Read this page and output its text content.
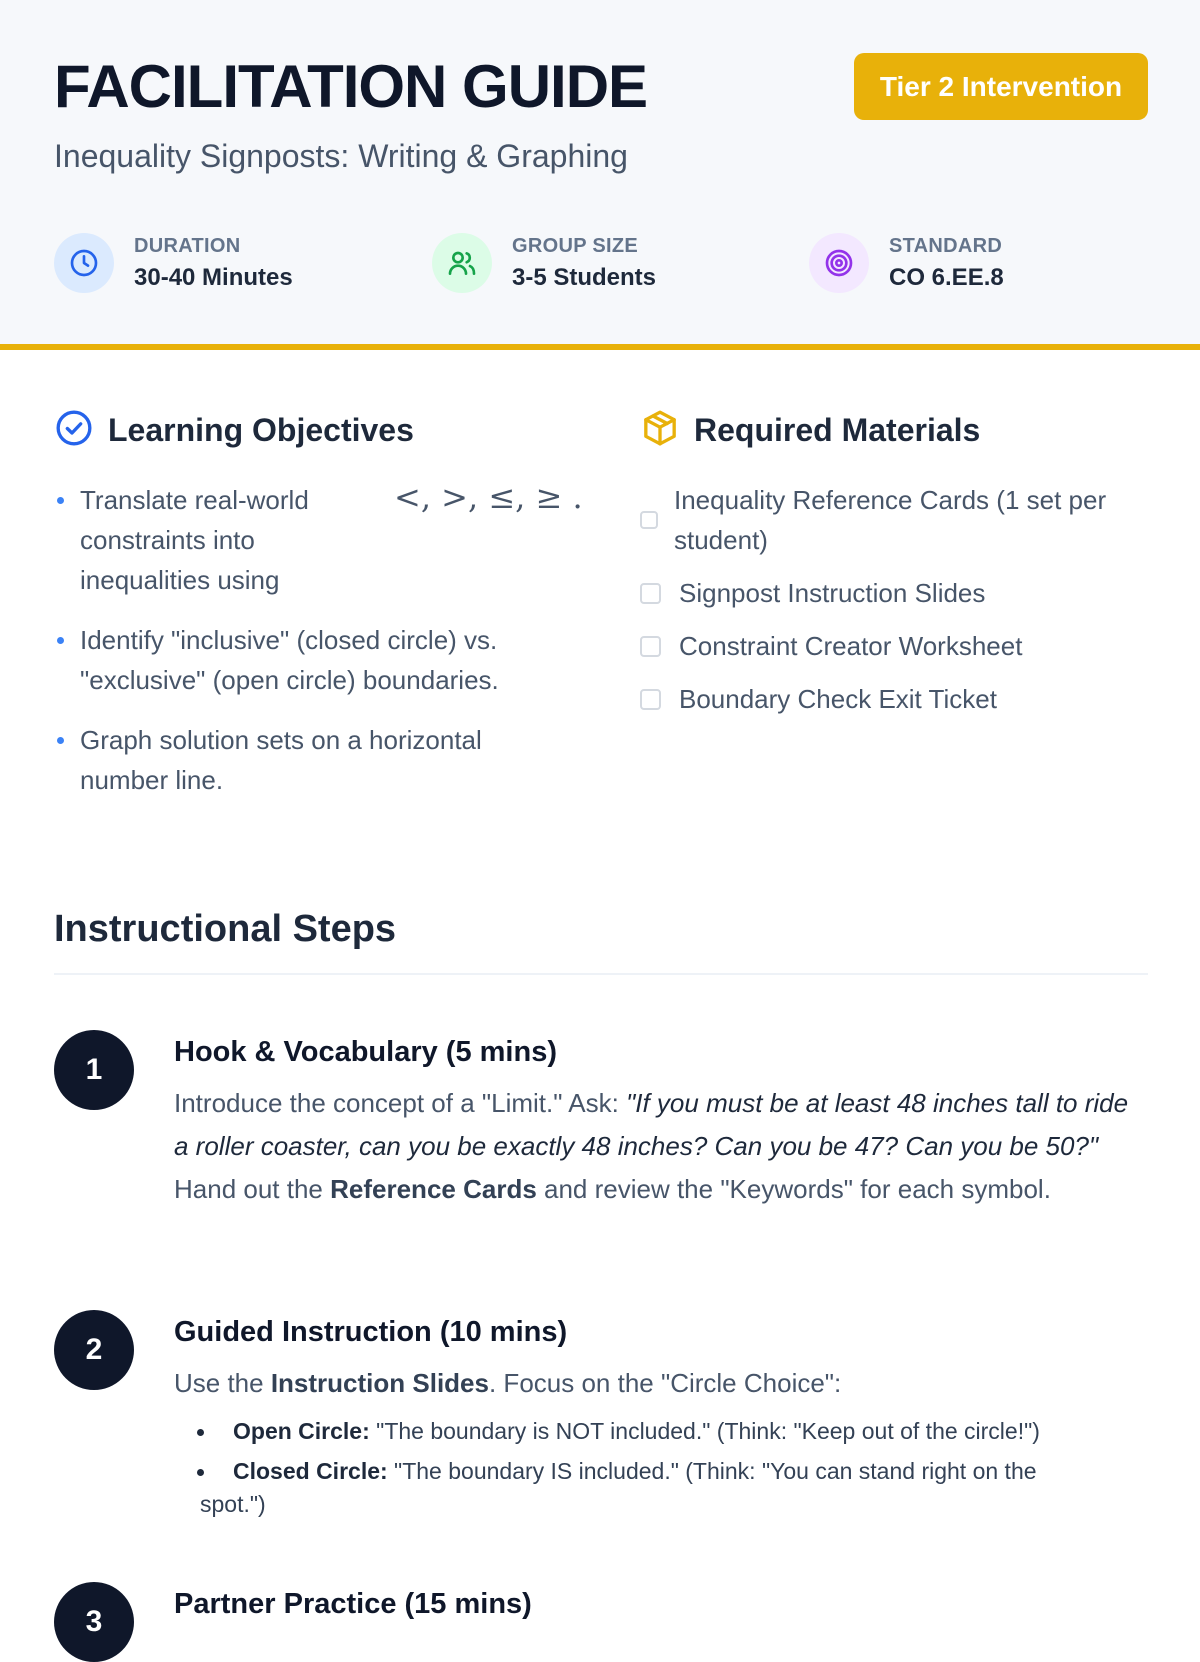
FACILITATION GUIDE
Inequality Signposts: Writing & Graphing
Tier 2 Intervention
DURATION
30-40 Minutes
GROUP SIZE
3-5 Students
STANDARD
CO 6.EE.8
Learning Objectives
Translate real-world constraints into inequalities using
Identify "inclusive" (closed circle) vs. "exclusive" (open circle) boundaries.
Graph solution sets on a horizontal number line.
<, >, ≤, ≥ .
Required Materials
Inequality Reference Cards (1 set per student)
Signpost Instruction Slides
Constraint Creator Worksheet
Boundary Check Exit Ticket
Instructional Steps
1
Hook & Vocabulary (5 mins)

Introduce the concept of a "Limit." Ask: "If you must be at least 48 inches tall to ride a roller coaster, can you be exactly 48 inches? Can you be 47? Can you be 50?" Hand out the Reference Cards and review the "Keywords" for each symbol.

2
Guided Instruction (10 mins)

Use the Instruction Slides. Focus on the "Circle Choice":

Open Circle: "The boundary is NOT included." (Think: "Keep out of the circle!")
Closed Circle: "The boundary IS included." (Think: "You can stand right on the
spot.")
3
Partner Practice (15 mins)
